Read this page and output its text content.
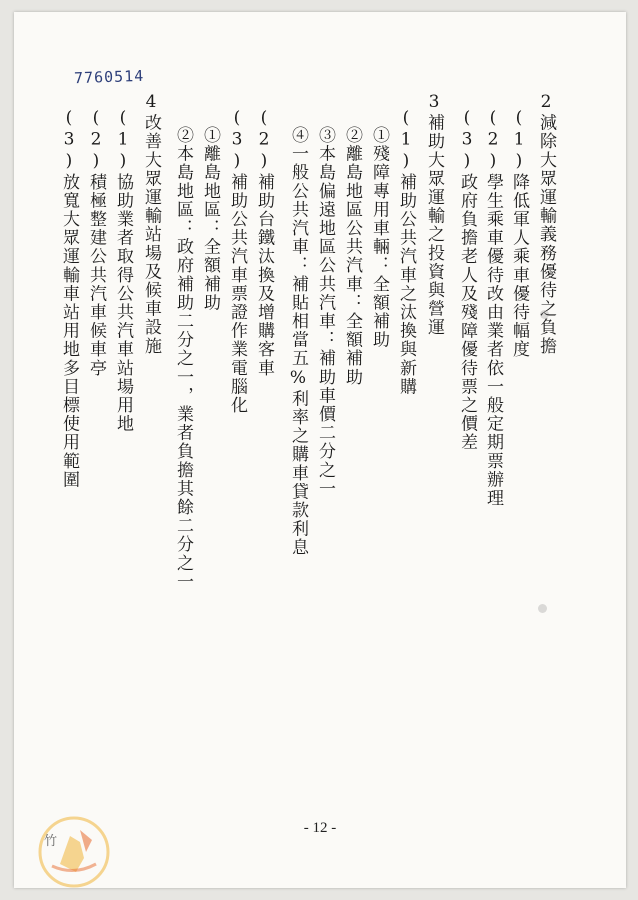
7760514
2減除大眾運輸義務優待之負擔
(1)降低軍人乘車優待幅度
(2)學生乘車優待改由業者依一般定期票辦理
(3)政府負擔老人及殘障優待票之價差
3補助大眾運輸之投資與營運
(1)補助公共汽車之汰換與新購
①殘障專用車輛：全額補助
②離島地區公共汽車：全額補助
③本島偏遠地區公共汽車：補助車價二分之一
④一般公共汽車：補貼相當五%利率之購車貸款利息
(2)補助台鐵汰換及增購客車
(3)補助公共汽車票證作業電腦化
①離島地區：全額補助
②本島地區：政府補助二分之一，業者負擔其餘二分之一
4改善大眾運輸站場及候車設施
(1)協助業者取得公共汽車站場用地
(2)積極整建公共汽車候車亭
(3)放寬大眾運輸車站用地多目標使用範圍
- 12 -
竹
